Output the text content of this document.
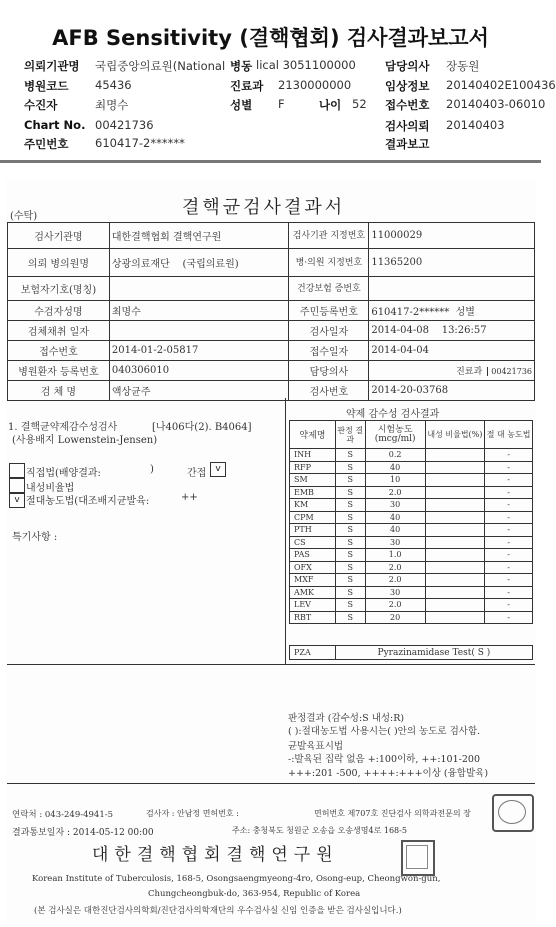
AFB Sensitivity (결핵협회) 검사결과보고서
의뢰기관명 국립중앙의료원(National 병동 lical 3051100000	담당의사 장동원
병원코드 45436	진료과 2130000000	임상정보 20140402E100436
수진자	최명수	성별 F	나이 52 접수번호 20140403-06010
Chart No. 00421736	검사의뢰 20140403
주민번호 610417-2******	결과보고
(수탁)	결핵균검사결과서
검사기관명	대한결핵협회 결핵연구원	검사기관 지정번호	11000029
의뢰 병의원명	상광의료재단 (국립의료원)	병·의원 지정번호	11365200
보험자기호(명칭)		건강보험 증번호	
수검자성명	최명수	주민등록번호	610417-2****** 성별
검체채취 일자		검사일자	2014-04-08 13:26:57
접수번호	2014-01-2-05817	접수일자	2014-04-04
병원환자 등록번호	040306010	담당의사	진료과 00421736
검 체 명	액상균주	검사번호	2014-20-03768
1. 결핵균약제감수성검사	[나406다(2). B4064]
(사용배지 Lowenstein-Jensen)
직접법(배양결과:	)	간접	v
내성비율법
v 절대농도법(대조배지균발육:	++
특기사항 :
약제 감수성 검사결과
약제명	판정 결과	시험농도 (mcg/ml)	내성 비율법(%)	절 대 농도법
INH	S	0.2		-
RFP	S	40		-
SM	S	10		-
EMB	S	2.0		-
KM	S	30		-
CPM	S	40		-
PTH	S	40		-
CS	S	30		-
PAS	S	1.0		-
OFX	S	2.0		-
MXF	S	2.0		-
AMK	S	30		-
LEV	S	2.0		-
RBT	S	20		-
PZA	Pyrazinamidase Test( S )
판정결과 (감수성:S 내성:R)
( ):절대농도법 사용시는( )안의 농도로 검사함.
균발육표시법
-:발육된 집락 없음 +:100이하, ++:101-200
+++:201 -500, ++++:+++이상 (융합발육)
연락처 : 043-249-4941-5	검사자 : 안남정 면허번호 :	면허번호 제707호 진단검사 의학과전문의 장
결과통보일자 : 2014-05-12 00:00	주소: 충청북도 청원군 오송읍 오송생명4로 168-5
대한결핵협회결핵연구원
Korean Institute of Tuberculosis, 168-5, Osongsaengmyeong-4ro, Osong-eup, Cheongwon-gun,
Chungcheongbuk-do, 363-954, Republic of Korea
(본 검사실은 대한진단검사의학회/진단검사의학재단의 우수검사실 신임 인증을 받은 검사실입니다.)
